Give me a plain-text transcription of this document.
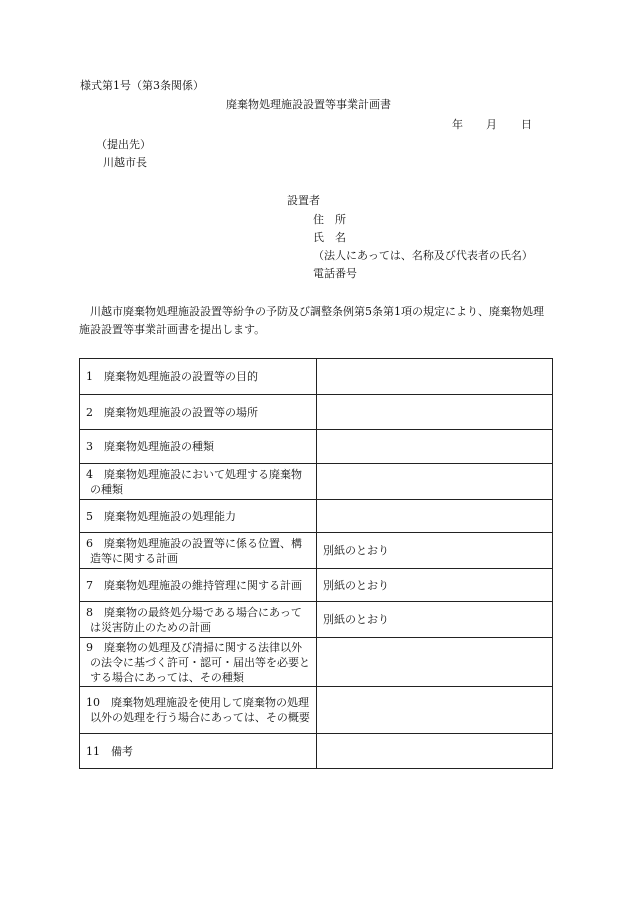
様式第1号（第3条関係）
廃棄物処理施設設置等事業計画書
年 月 日
（提出先）
川越市長
設置者
住　所
氏　名
（法人にあっては、名称及び代表者の氏名）
電話番号
川越市廃棄物処理施設設置等紛争の予防及び調整条例第5条第1項の規定により、廃棄物処理施設設置等事業計画書を提出します。
1　廃棄物処理施設の設置等の目的	

2　廃棄物処理施設の設置等の場所	

3　廃棄物処理施設の種類	

4　廃棄物処理施設において処理する廃棄物の種類	

5　廃棄物処理施設の処理能力	

6　廃棄物処理施設の設置等に係る位置、構造等に関する計画	別紙のとおり

7　廃棄物処理施設の維持管理に関する計画	別紙のとおり

8　廃棄物の最終処分場である場合にあっては災害防止のための計画	別紙のとおり

9　廃棄物の処理及び清掃に関する法律以外の法令に基づく許可・認可・届出等を必要とする場合にあっては、その種類	

10　廃棄物処理施設を使用して廃棄物の処理以外の処理を行う場合にあっては、その概要	

11　備考	
